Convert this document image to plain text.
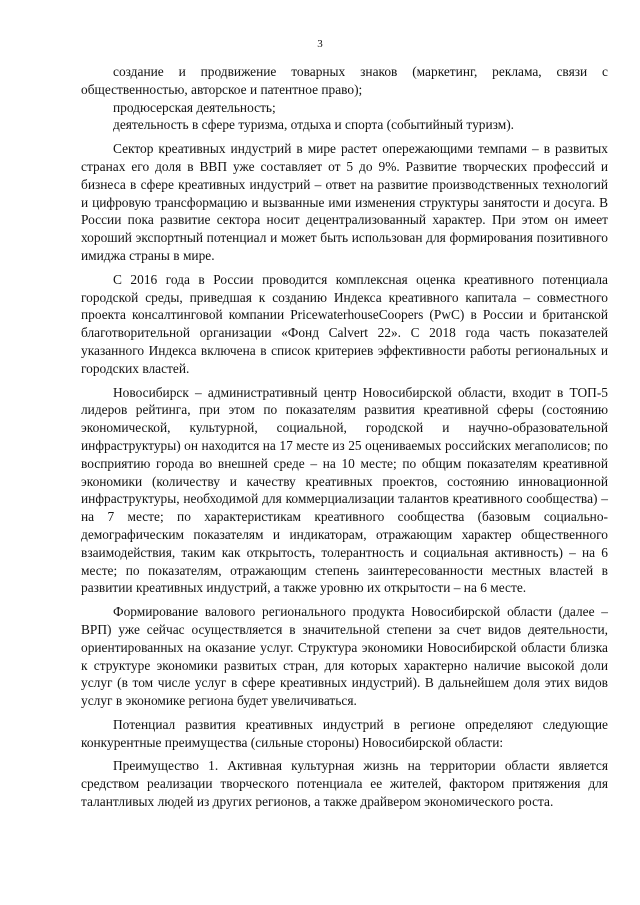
3

создание и продвижение товарных знаков (маркетинг, реклама, связи с общественностью, авторское и патентное право);

продюсерская деятельность;

деятельность в сфере туризма, отдыха и спорта (событийный туризм).

Сектор креативных индустрий в мире растет опережающими темпами – в развитых странах его доля в ВВП уже составляет от 5 до 9%. Развитие творческих профессий и бизнеса в сфере креативных индустрий – ответ на развитие производственных технологий и цифровую трансформацию и вызванные ими изменения структуры занятости и досуга. В России пока развитие сектора носит децентрализованный характер. При этом он имеет хороший экспортный потенциал и может быть использован для формирования позитивного имиджа страны в мире.

С 2016 года в России проводится комплексная оценка креативного потенциала городской среды, приведшая к созданию Индекса креативного капитала – совместного проекта консалтинговой компании PricewaterhouseCoopers (PwC) в России и британской благотворительной организации «Фонд Calvert 22». С 2018 года часть показателей указанного Индекса включена в список критериев эффективности работы региональных и городских властей.

Новосибирск – административный центр Новосибирской области, входит в ТОП-5 лидеров рейтинга, при этом по показателям развития креативной сферы (состоянию экономической, культурной, социальной, городской и научно-образовательной инфраструктуры) он находится на 17 месте из 25 оцениваемых российских мегаполисов; по восприятию города во внешней среде – на 10 месте; по общим показателям креативной экономики (количеству и качеству креативных проектов, состоянию инновационной инфраструктуры, необходимой для коммерциализации талантов креативного сообщества) – на 7 месте; по характеристикам креативного сообщества (базовым социально-демографическим показателям и индикаторам, отражающим характер общественного взаимодействия, таким как открытость, толерантность и социальная активность) – на 6 месте; по показателям, отражающим степень заинтересованности местных властей в развитии креативных индустрий, а также уровню их открытости – на 6 месте.

Формирование валового регионального продукта Новосибирской области (далее – ВРП) уже сейчас осуществляется в значительной степени за счет видов деятельности, ориентированных на оказание услуг. Структура экономики Новосибирской области близка к структуре экономики развитых стран, для которых характерно наличие высокой доли услуг (в том числе услуг в сфере креативных индустрий). В дальнейшем доля этих видов услуг в экономике региона будет увеличиваться.

Потенциал развития креативных индустрий в регионе определяют следующие конкурентные преимущества (сильные стороны) Новосибирской области:

Преимущество 1. Активная культурная жизнь на территории области является средством реализации творческого потенциала ее жителей, фактором притяжения для талантливых людей из других регионов, а также драйвером экономического роста.
